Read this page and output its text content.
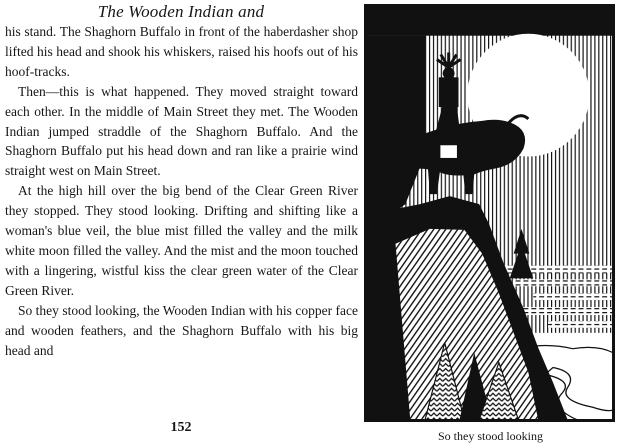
The Wooden Indian and

his stand. The Shaghorn Buffalo in front of the haberdasher shop lifted his head and shook his whiskers, raised his hoofs out of his hoof-tracks.

Then—this is what happened. They moved straight toward each other. In the middle of Main Street they met. The Wooden Indian jumped straddle of the Shaghorn Buffalo. And the Shaghorn Buffalo put his head down and ran like a prairie wind straight west on Main Street.

At the high hill over the big bend of the Clear Green River they stopped. They stood looking. Drifting and shifting like a woman's blue veil, the blue mist filled the valley and the milk white moon filled the valley. And the mist and the moon touched with a lingering, wistful kiss the clear green water of the Clear Green River.

So they stood looking, the Wooden Indian with his copper face and wooden feathers, and the Shaghorn Buffalo with his big head and

152
So they stood looking
